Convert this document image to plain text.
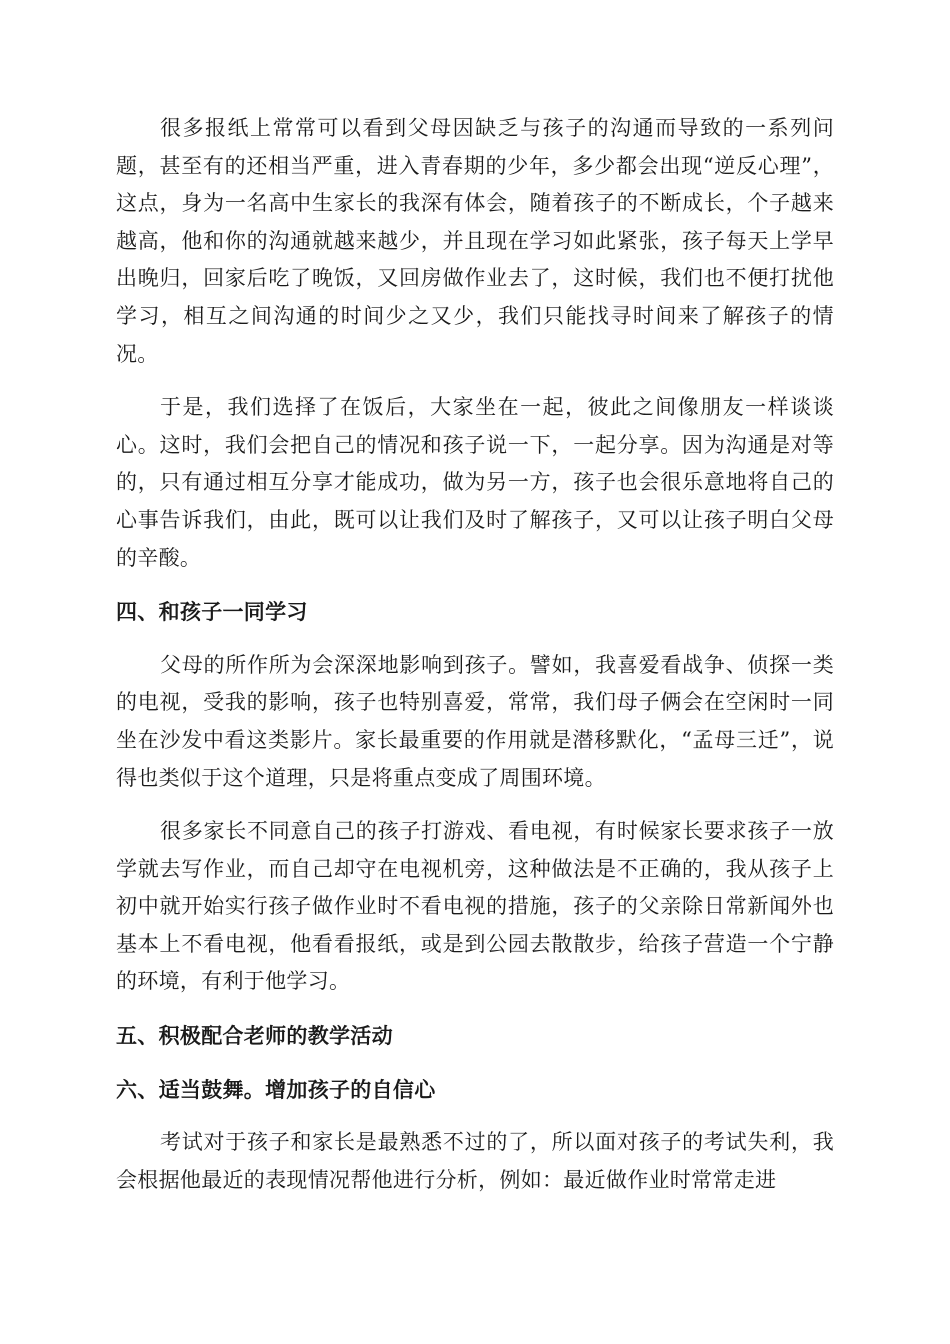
很多报纸上常常可以看到父母因缺乏与孩子的沟通而导致的一系列问题，甚至有的还相当严重，进入青春期的少年，多少都会出现“逆反心理”，这点，身为一名高中生家长的我深有体会，随着孩子的不断成长，个子越来越高，他和你的沟通就越来越少，并且现在学习如此紧张，孩子每天上学早出晚归，回家后吃了晚饭，又回房做作业去了，这时候，我们也不便打扰他学习，相互之间沟通的时间少之又少，我们只能找寻时间来了解孩子的情况。

于是，我们选择了在饭后，大家坐在一起，彼此之间像朋友一样谈谈心。这时，我们会把自己的情况和孩子说一下，一起分享。因为沟通是对等的，只有通过相互分享才能成功，做为另一方，孩子也会很乐意地将自己的心事告诉我们，由此，既可以让我们及时了解孩子，又可以让孩子明白父母的辛酸。

四、和孩子一同学习

父母的所作所为会深深地影响到孩子。譬如，我喜爱看战争、侦探一类的电视，受我的影响，孩子也特别喜爱，常常，我们母子俩会在空闲时一同坐在沙发中看这类影片。家长最重要的作用就是潜移默化，“孟母三迁”，说得也类似于这个道理，只是将重点变成了周围环境。

很多家长不同意自己的孩子打游戏、看电视，有时候家长要求孩子一放学就去写作业，而自己却守在电视机旁，这种做法是不正确的，我从孩子上初中就开始实行孩子做作业时不看电视的措施，孩子的父亲除日常新闻外也基本上不看电视，他看看报纸，或是到公园去散散步，给孩子营造一个宁静的环境，有利于他学习。

五、积极配合老师的教学活动

六、适当鼓舞。增加孩子的自信心

考试对于孩子和家长是最熟悉不过的了，所以面对孩子的考试失利，我会根据他最近的表现情况帮他进行分析，例如：最近做作业时常常走进
